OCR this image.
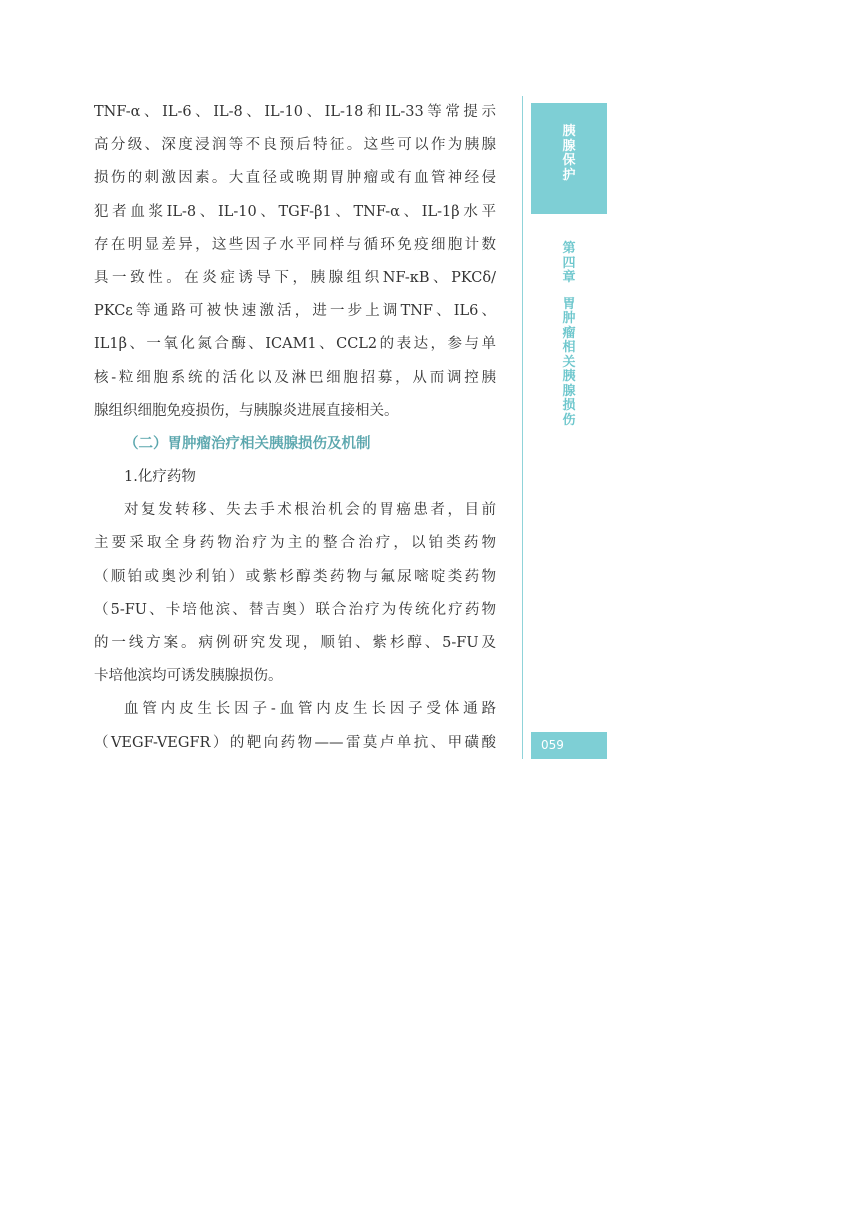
TNF-α、IL-6、IL-8、IL-10、IL-18和IL-33等常提示
高分级、深度浸润等不良预后特征。这些可以作为胰腺
损伤的刺激因素。大直径或晚期胃肿瘤或有血管神经侵
犯者血浆IL-8、IL-10、TGF-β1、TNF-α、IL-1β水平
存在明显差异，这些因子水平同样与循环免疫细胞计数
具一致性。在炎症诱导下，胰腺组织NF-κB、PKCδ/
PKCε等通路可被快速激活，进一步上调TNF、IL6、
IL1β、一氧化氮合酶、ICAM1、CCL2的表达，参与单
核-粒细胞系统的活化以及淋巴细胞招募，从而调控胰
腺组织细胞免疫损伤，与胰腺炎进展直接相关。
（二）胃肿瘤治疗相关胰腺损伤及机制
1.化疗药物
对复发转移、失去手术根治机会的胃癌患者，目前
主要采取全身药物治疗为主的整合治疗，以铂类药物
（顺铂或奥沙利铂）或紫杉醇类药物与氟尿嘧啶类药物
（5-FU、卡培他滨、替吉奥）联合治疗为传统化疗药物
的一线方案。病例研究发现，顺铂、紫杉醇、5-FU及
卡培他滨均可诱发胰腺损伤。
血管内皮生长因子-血管内皮生长因子受体通路
（VEGF-VEGFR）的靶向药物——雷莫卢单抗、甲磺酸
胰
腺
保
护
第
四
章
胃
肿
瘤
相
关
胰
腺
损
伤
059
